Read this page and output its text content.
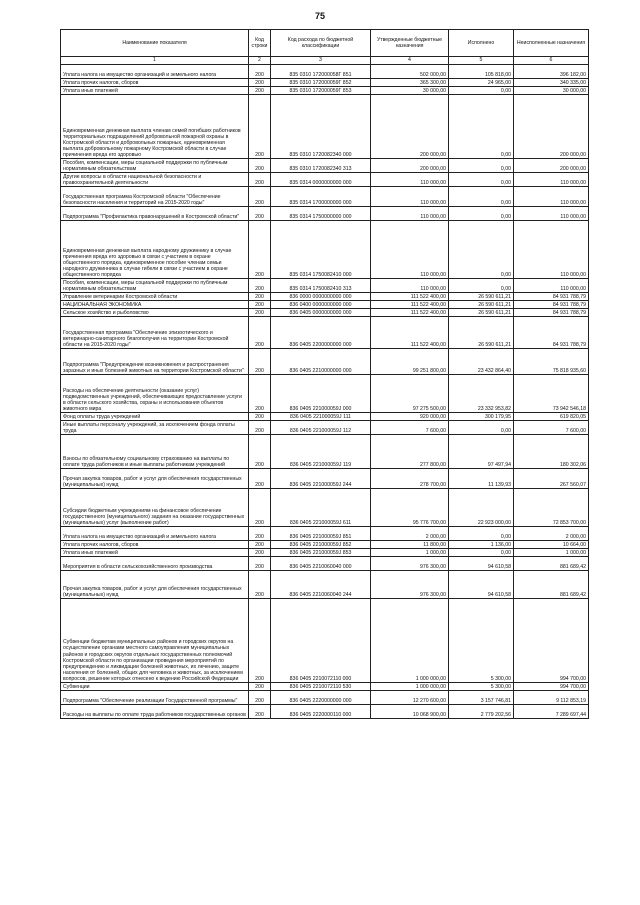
75
Наименование показателя	Код строки	Код расхода по бюджетной классификации	Утвержденные бюджетные назначения	Исполнено	Неисполненные назначения
1	2	3	4	5	6
Уплата налога на имущество организаций и земельного налога	200	835 0310 172000058Г 851	502 000,00	105 818,00	396 182,00
Уплата прочих налогов, сборов	200	835 0310 172000059Г 852	365 300,00	24 965,00	340 335,00
Уплата иных платежей	200	835 0310 172000059Г 853	30 000,00	0,00	30 000,00
Единовременная денежная выплата членам семей погибших работников территориальных подразделений добровольной пожарной охраны в Костромской области и добровольных пожарных, единовременная выплата добровольному пожарному Костромской области в случае причинения вреда его здоровью	200	835 0310 1720082340 000	200 000,00	0,00	200 000,00
Пособия, компенсации, меры социальной поддержки по публичным нормативным обязательствам	200	835 0310 1720082340 313	200 000,00	0,00	200 000,00
Другие вопросы в области национальной безопасности и правоохранительной деятельности	200	835 0314 0000000000 000	110 000,00	0,00	110 000,00
Государственная программа Костромской области "Обеспечение безопасности населения и территорий на 2015-2020 годы"	200	835 0314 1700000000 000	110 000,00	0,00	110 000,00
Подпрограмма "Профилактика правонарушений в Костромской области"	200	835 0314 1750000000 000	110 000,00	0,00	110 000,00
Единовременная денежная выплата народному дружиннику в случае причинения вреда его здоровью в связи с участием в охране общественного порядка, единовременное пособие членам семьи народного дружинника в случае гибели в связи с участием в охране общественного порядка	200	835 0314 1750082410 000	110 000,00	0,00	110 000,00
Пособия, компенсации, меры социальной поддержки по публичным нормативным обязательствам	200	835 0314 1750082410 313	110 000,00	0,00	110 000,00
Управление ветеринарии Костромской области	200	836 0000 0000000000 000	111 522 400,00	26 590 611,21	84 931 788,79
НАЦИОНАЛЬНАЯ ЭКОНОМИКА	200	836 0400 0000000000 000	111 522 400,00	26 590 611,21	84 931 788,79
Сельское хозяйство и рыболовство	200	836 0405 0000000000 000	111 522 400,00	26 590 611,21	84 931 788,79
Государственная программа "Обеспечение эпизоотического и ветеринарно-санитарного благополучия на территории Костромской области на 2015-2020 годы"	200	836 0405 2200000000 000	111 522 400,00	26 590 611,21	84 931 788,79
Подпрограмма "Предупреждение возникновения и распространения заразных и иных болезней животных на территории Костромской области"	200	836 0405 2210000000 000	99 251 800,00	23 432 864,40	75 818 935,60
Расходы на обеспечение деятельности (оказание услуг) подведомственных учреждений, обеспечивающих предоставление услуги в области сельского хозяйства, охраны и использования объектов животного мира	200	836 0405 221000059Ј 000	97 275 500,00	23 332 953,82	73 942 546,18
Фонд оплаты труда учреждений	200	836 0405 221000059Ј 111	920 000,00	300 179,95	619 820,05
Иные выплаты персоналу учреждений, за исключением фонда оплаты труда	200	836 0405 221000059Ј 112	7 600,00	0,00	7 600,00
Взносы по обязательному социальному страхованию на выплаты по оплате труда работников и иные выплаты работникам учреждений	200	836 0405 221000059Ј 119	277 800,00	97 497,94	180 302,06
Прочая закупка товаров, работ и услуг для обеспечения государственных (муниципальных) нужд	200	836 0405 221000059Ј 244	278 700,00	11 139,93	267 560,07
Субсидии бюджетным учреждениям на финансовое обеспечение государственного (муниципального) задания на оказание государственных (муниципальных) услуг (выполнение работ)	200	836 0405 221000059Ј 611	95 776 700,00	22 923 000,00	72 853 700,00
Уплата налога на имущество организаций и земельного налога	200	836 0405 221000059Ј 851	2 000,00	0,00	2 000,00
Уплата прочих налогов, сборов	200	836 0405 221000059Ј 852	11 800,00	1 136,00	10 664,00
Уплата иных платежей	200	836 0405 221000059Ј 853	1 000,00	0,00	1 000,00
Мероприятия в области сельскохозяйственного производства	200	836 0405 2210060040 000	976 300,00	94 610,58	881 689,42
Прочая закупка товаров, работ и услуг для обеспечения государственных (муниципальных) нужд	200	836 0405 2210060040 244	976 300,00	94 610,58	881 689,42
Субвенции бюджетам муниципальных районов и городских округов на осуществление органами местного самоуправления муниципальных районов и городских округов отдельных государственных полномочий Костромской области по организации проведения мероприятий по предупреждению и ликвидации болезней животных, их лечению, защите населения от болезней, общих для человека и животных, за исключением вопросов, решение которых отнесено к ведению Российской Федерации	200	836 0405 2210072110 000	1 000 000,00	5 300,00	994 700,00
Субвенции	200	836 0405 2210072110 530	1 000 000,00	5 300,00	994 700,00
Подпрограмма "Обеспечение реализации Государственной программы"	200	836 0405 2220000000 000	12 270 600,00	3 157 746,81	9 112 853,19
Расходы на выплаты по оплате труда работников государственных органов	200	836 0405 2220000110 000	10 068 900,00	2 779 202,56	7 289 697,44
